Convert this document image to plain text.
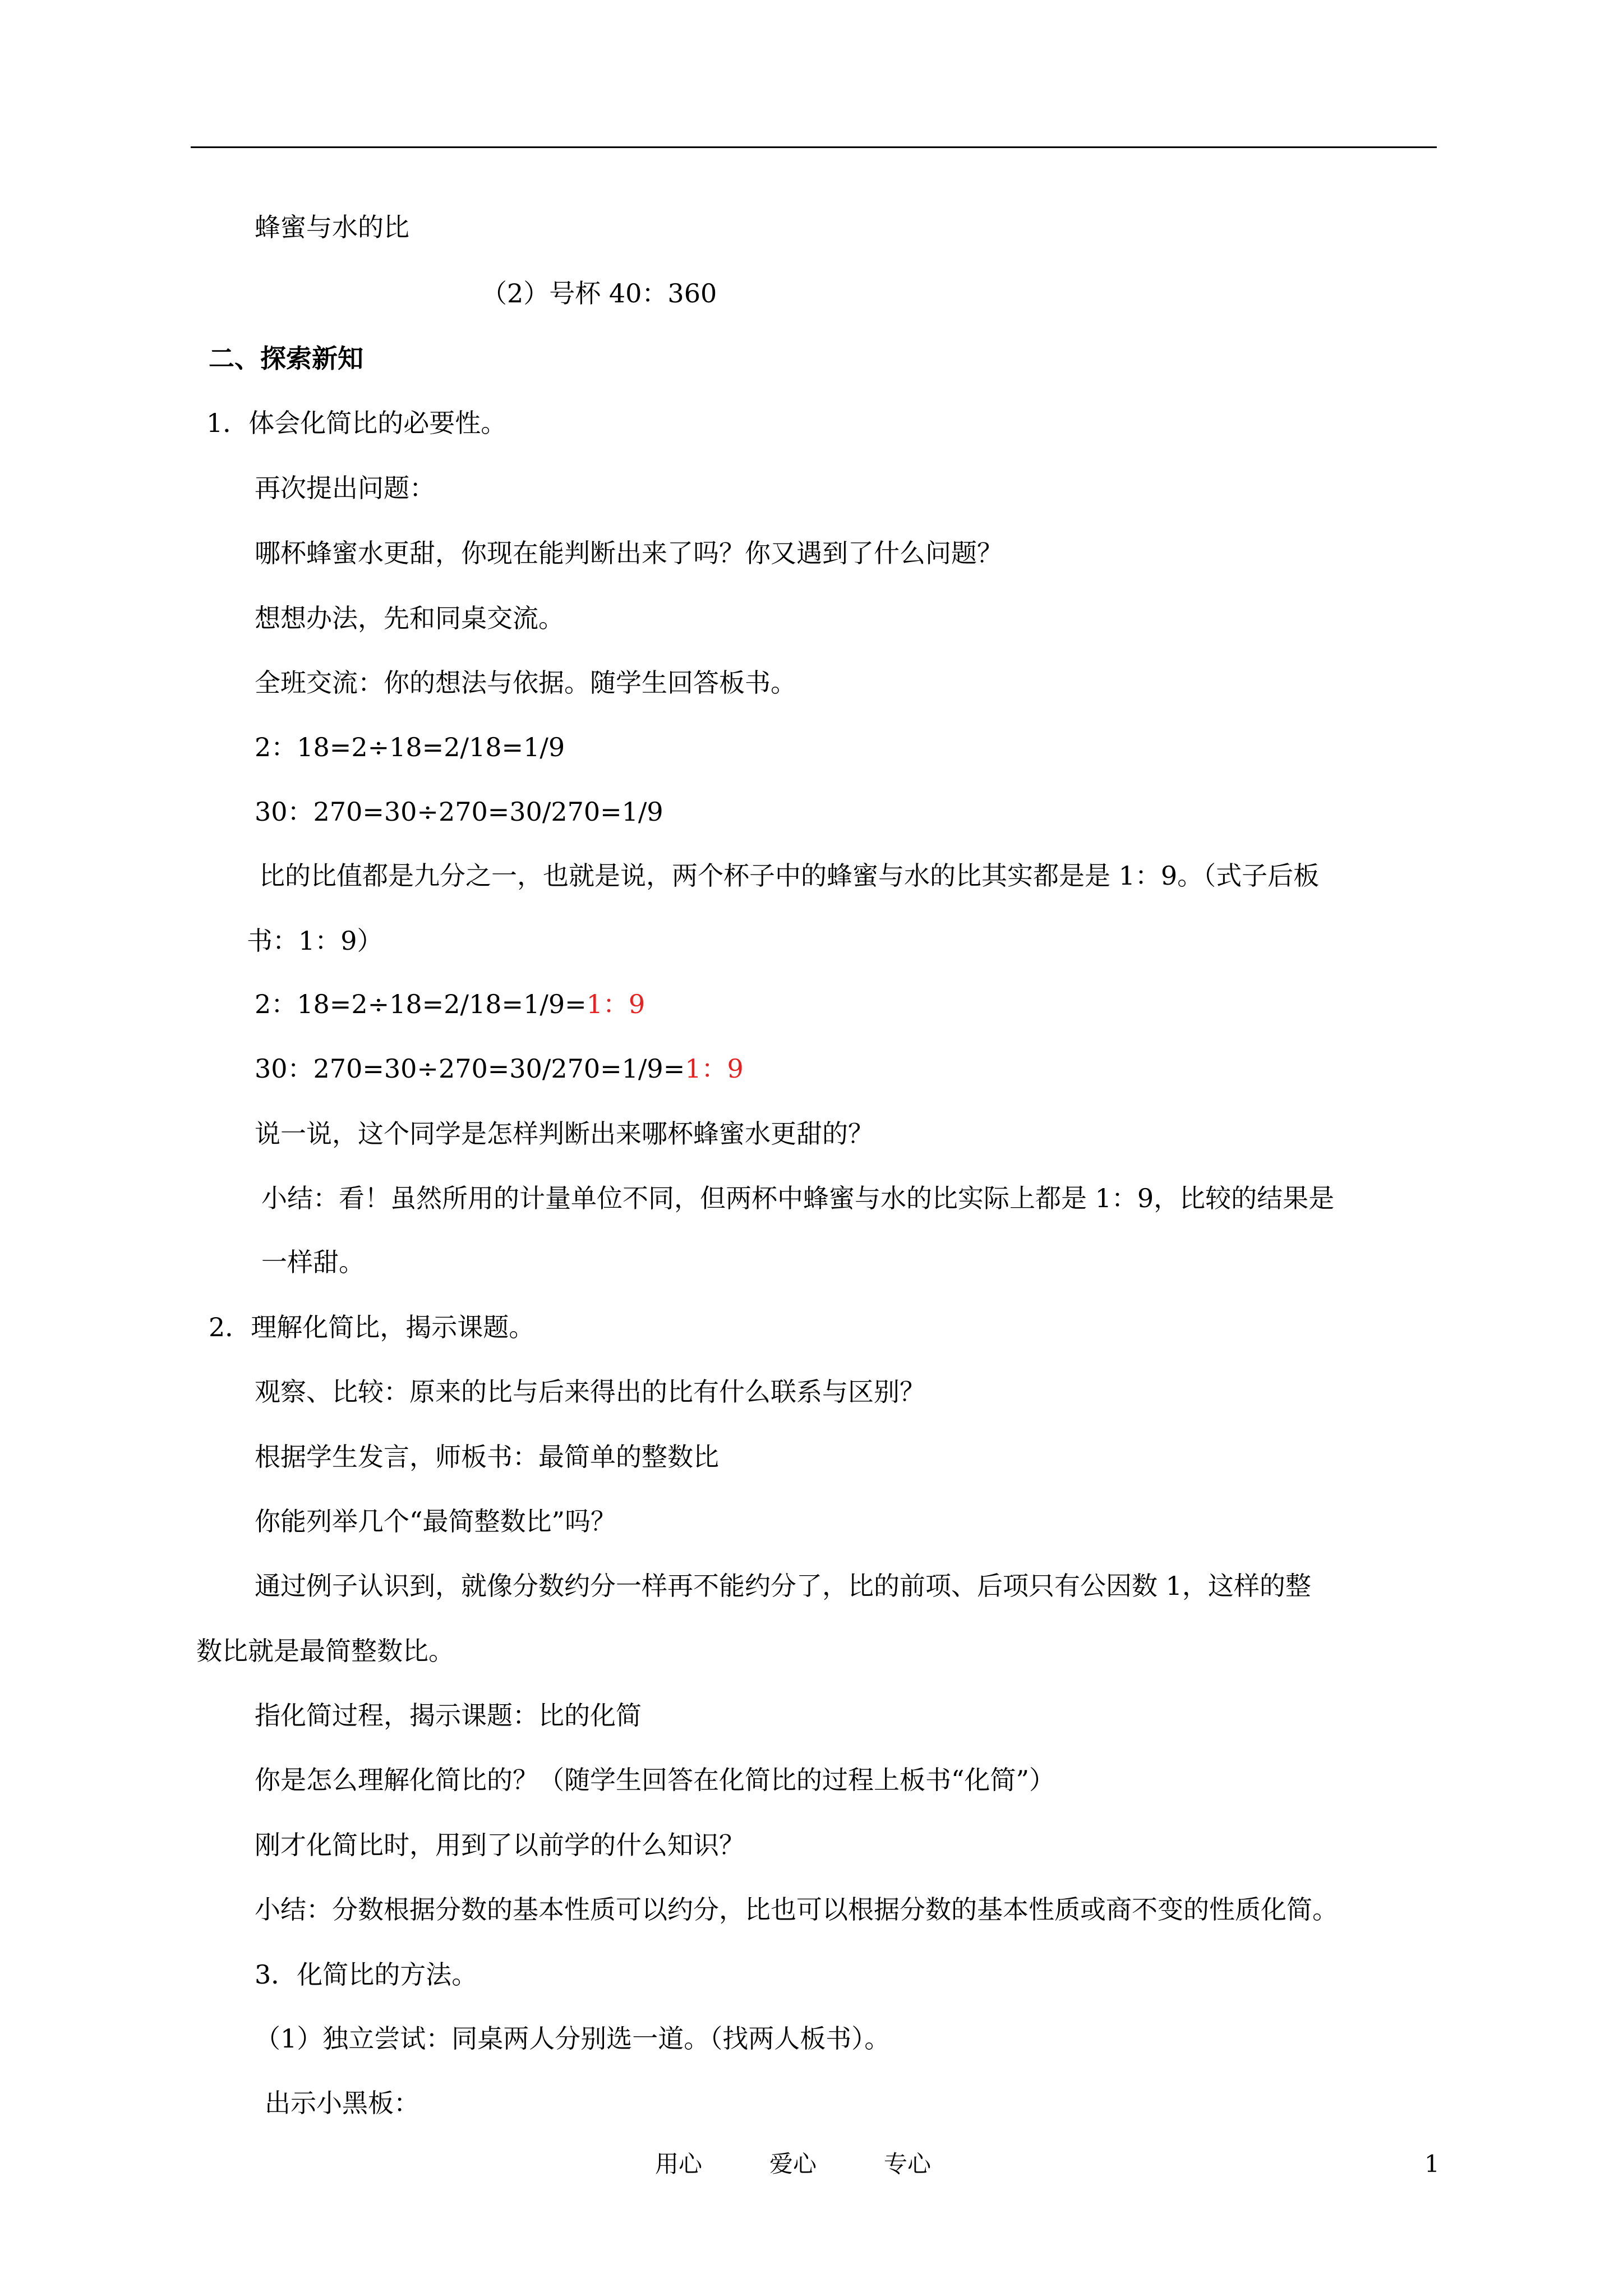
蜂蜜与水的比
（2）号杯 40：360
二、探索新知
1．体会化简比的必要性。
再次提出问题：
哪杯蜂蜜水更甜，你现在能判断出来了吗？你又遇到了什么问题？
想想办法，先和同桌交流。
全班交流：你的想法与依据。随学生回答板书。
2：18=2÷18=2/18=1/9
30：270=30÷270=30/270=1/9
比的比值都是九分之一，也就是说，两个杯子中的蜂蜜与水的比其实都是是 1：9。（式子后板
书：1：9）
2：18=2÷18=2/18=1/9=1：9
30：270=30÷270=30/270=1/9=1：9
说一说，这个同学是怎样判断出来哪杯蜂蜜水更甜的？
小结：看！虽然所用的计量单位不同，但两杯中蜂蜜与水的比实际上都是 1：9，比较的结果是
一样甜。
2．理解化简比，揭示课题。
观察、比较：原来的比与后来得出的比有什么联系与区别？
根据学生发言，师板书：最简单的整数比
你能列举几个“最简整数比”吗？
通过例子认识到，就像分数约分一样再不能约分了，比的前项、后项只有公因数 1，这样的整
数比就是最简整数比。
指化简过程，揭示课题：比的化简
你是怎么理解化简比的？（随学生回答在化简比的过程上板书“化简”）
刚才化简比时，用到了以前学的什么知识？
小结：分数根据分数的基本性质可以约分，比也可以根据分数的基本性质或商不变的性质化简。
3．化简比的方法。
（1）独立尝试：同桌两人分别选一道。（找两人板书）。
出示小黑板：
用心	爱心	专心	1
